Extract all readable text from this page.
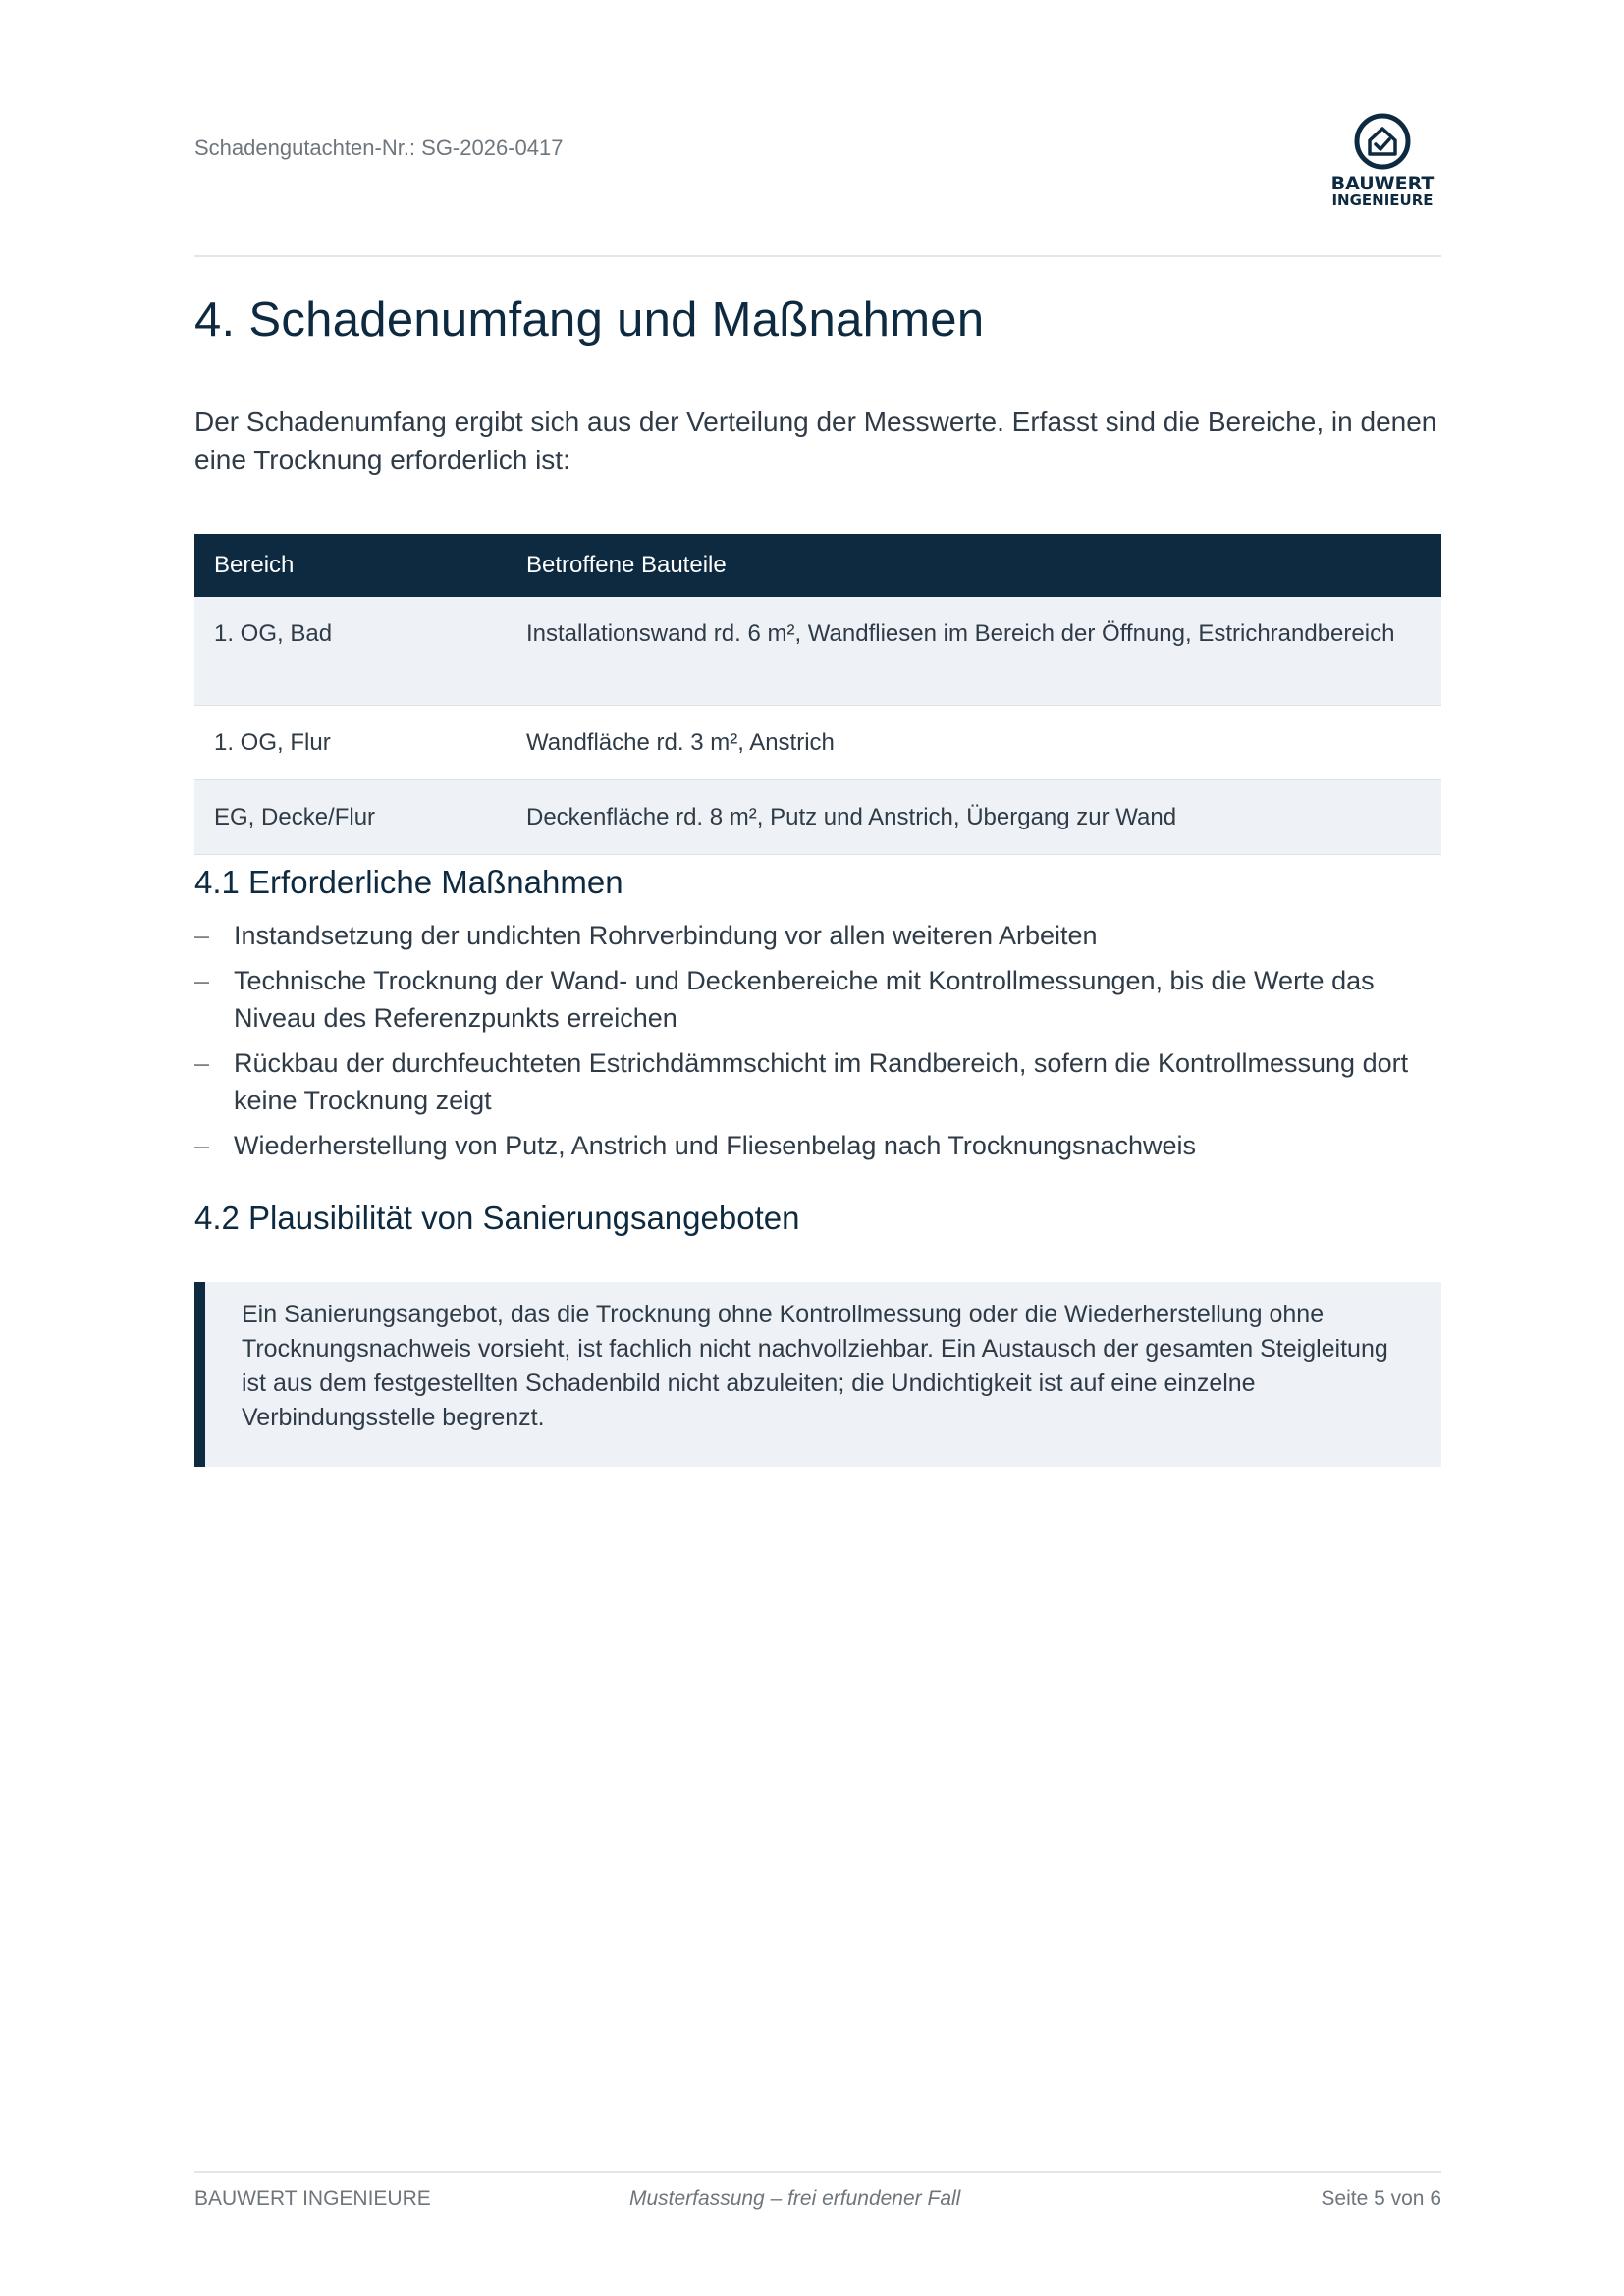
Schadengutachten-Nr.: SG-2026-0417
BAUWERT
INGENIEURE
4. Schadenumfang und Maßnahmen

Der Schadenumfang ergibt sich aus der Verteilung der Messwerte. Erfasst sind die Bereiche, in denen eine Trocknung erforderlich ist:

Bereich	Betroffene Bauteile
1. OG, Bad	Installationswand rd. 6 m², Wandfliesen im Bereich der Öffnung, Estrichrandbereich
1. OG, Flur	Wandfläche rd. 3 m², Anstrich
EG, Decke/Flur	Deckenfläche rd. 8 m², Putz und Anstrich, Übergang zur Wand
4.1 Erforderliche Maßnahmen
– Instandsetzung der undichten Rohrverbindung vor allen weiteren Arbeiten
– Technische Trocknung der Wand- und Deckenbereiche mit Kontrollmessungen, bis die Werte das Niveau des Referenzpunkts erreichen
– Rückbau der durchfeuchteten Estrichdämmschicht im Randbereich, sofern die Kontrollmessung dort keine Trocknung zeigt
– Wiederherstellung von Putz, Anstrich und Fliesenbelag nach Trocknungsnachweis
4.2 Plausibilität von Sanierungsangeboten

Ein Sanierungsangebot, das die Trocknung ohne Kontrollmessung oder die Wiederherstellung ohne Trocknungsnachweis vorsieht, ist fachlich nicht nachvollziehbar. Ein Austausch der gesamten Steigleitung ist aus dem festgestellten Schadenbild nicht abzuleiten; die Undichtigkeit ist auf eine einzelne Verbindungsstelle begrenzt.

BAUWERT INGENIEURE	Musterfassung – frei erfundener Fall	Seite 5 von 6
